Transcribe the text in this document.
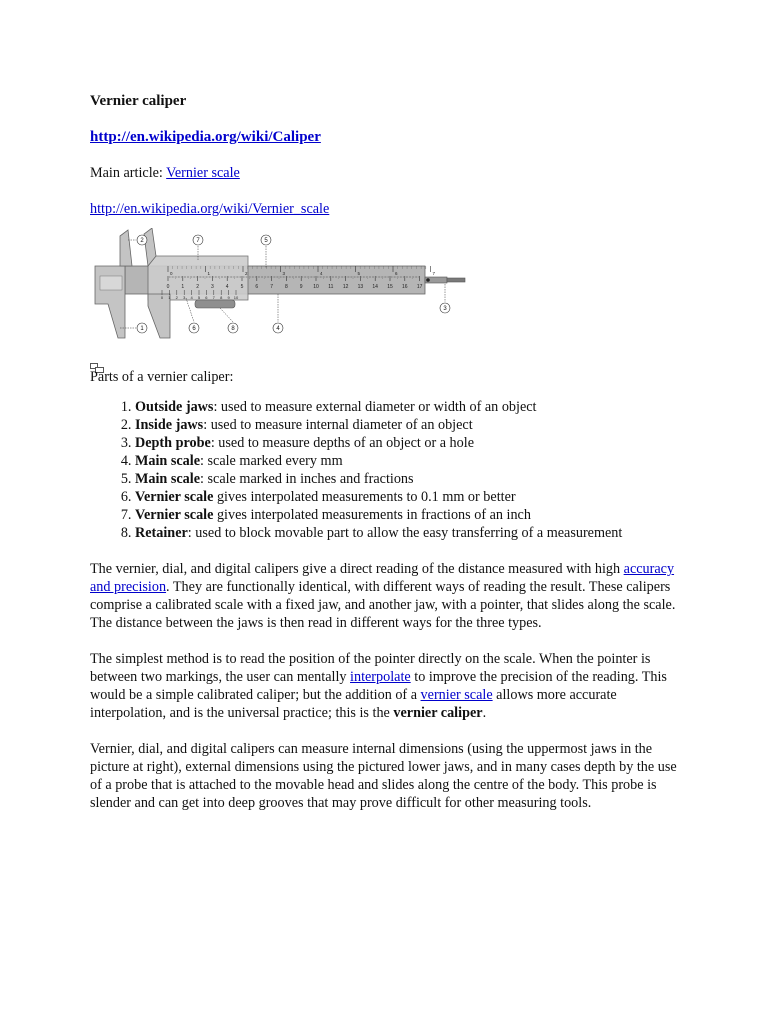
Vernier caliper

http://en.wikipedia.org/wiki/Caliper

Main article: Vernier scale

http://en.wikipedia.org/wiki/Vernier_scale

0 1 2 3 4 5 6 7 8 9 10 11 12 13 14 15 16 17
0	1	2	3	4	5	6	7
0 1 2 3 4 5 6 7 8 9 10
1
2
3
4
5
6
7
8

Parts of a vernier caliper:

1. Outside jaws: used to measure external diameter or width of an object
2. Inside jaws: used to measure internal diameter of an object
3. Depth probe: used to measure depths of an object or a hole
4. Main scale: scale marked every mm
5. Main scale: scale marked in inches and fractions
6. Vernier scale gives interpolated measurements to 0.1 mm or better
7. Vernier scale gives interpolated measurements in fractions of an inch
8. Retainer: used to block movable part to allow the easy transferring of a measurement

The vernier, dial, and digital calipers give a direct reading of the distance measured with high accuracy and precision. They are functionally identical, with different ways of reading the result. These calipers comprise a calibrated scale with a fixed jaw, and another jaw, with a pointer, that slides along the scale. The distance between the jaws is then read in different ways for the three types.

The simplest method is to read the position of the pointer directly on the scale. When the pointer is between two markings, the user can mentally interpolate to improve the precision of the reading. This would be a simple calibrated caliper; but the addition of a vernier scale allows more accurate interpolation, and is the universal practice; this is the vernier caliper.

Vernier, dial, and digital calipers can measure internal dimensions (using the uppermost jaws in the picture at right), external dimensions using the pictured lower jaws, and in many cases depth by the use of a probe that is attached to the movable head and slides along the centre of the body. This probe is slender and can get into deep grooves that may prove difficult for other measuring tools.
